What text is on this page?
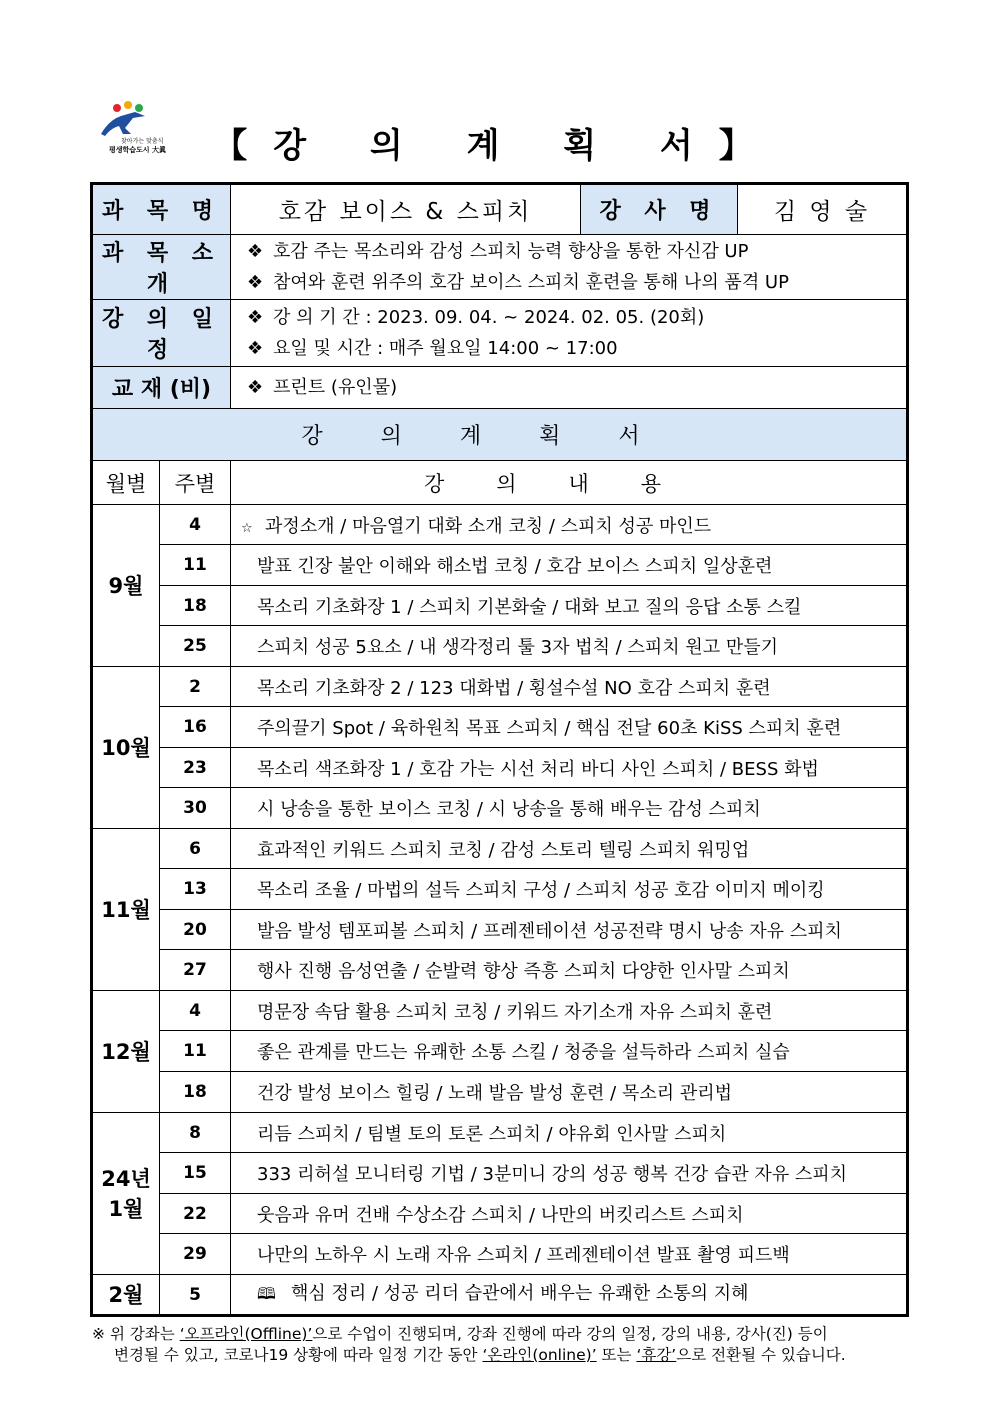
찾아가는 맞춤식
평생학습도시 大眞	【강 의 계 획 서】
과 목 명		호감 보이스 & 스피치	강 사 명	김 영 술
과 목 소 개		❖ 호감 주는 목소리와 감성 스피치 능력 향상을 통한 자신감 UP
❖ 참여와 훈련 위주의 호감 보이스 스피치 훈련을 통해 나의 품격 UP		

강 의 일 정		❖ 강 의 기 간 : 2023. 09. 04. ~ 2024. 02. 05. (20회)
❖ 요일 및 시간 : 매주 월요일 14:00 ~ 17:00		

교 재 (비)		❖ 프린트 (유인물)		
강의계획서				
월별	주별	강의내용		
9월	4	☆ 과정소개 / 마음열기 대화 소개 코칭 / 스피치 성공 마인드		
	11	발표 긴장 불안 이해와 해소법 코칭 / 호감 보이스 스피치 일상훈련		
	18	목소리 기초화장 1 / 스피치 기본화술 / 대화 보고 질의 응답 소통 스킬		
	25	스피치 성공 5요소 / 내 생각정리 툴 3자 법칙 / 스피치 원고 만들기		
10월	2	목소리 기초화장 2 / 123 대화법 / 횡설수설 NO 호감 스피치 훈련		
	16	주의끌기 Spot / 육하원칙 목표 스피치 / 핵심 전달 60초 KiSS 스피치 훈련		
	23	목소리 색조화장 1 / 호감 가는 시선 처리 바디 사인 스피치 / BESS 화법		
	30	시 낭송을 통한 보이스 코칭 / 시 낭송을 통해 배우는 감성 스피치		
11월	6	효과적인 키워드 스피치 코칭 / 감성 스토리 텔링 스피치 워밍업		
	13	목소리 조율 / 마법의 설득 스피치 구성 / 스피치 성공 호감 이미지 메이킹		
	20	발음 발성 템포피볼 스피치 / 프레젠테이션 성공전략 명시 낭송 자유 스피치		
	27	행사 진행 음성연출 / 순발력 향상 즉흥 스피치 다양한 인사말 스피치		
12월	4	명문장 속담 활용 스피치 코칭 / 키워드 자기소개 자유 스피치 훈련		
	11	좋은 관계를 만드는 유쾌한 소통 스킬 / 청중을 설득하라 스피치 실습		
	18	건강 발성 보이스 힐링 / 노래 발음 발성 훈련 / 목소리 관리법		

24년
1월	8	리듬 스피치 / 팀별 토의 토론 스피치 / 야유회 인사말 스피치		
	15	333 리허설 모니터링 기법 / 3분미니 강의 성공 행복 건강 습관 자유 스피치		
	22	웃음과 유머 건배 수상소감 스피치 / 나만의 버킷리스트 스피치		
	29	나만의 노하우 시 노래 자유 스피치 / 프레젠테이션 발표 촬영 피드백		
2월	5	🕮 핵심 정리 / 성공 리더 습관에서 배우는 유쾌한 소통의 지혜		
※ 위 강좌는 ‘오프라인(Offline)’으로 수업이 진행되며, 강좌 진행에 따라 강의 일정, 강의 내용, 강사(진) 등이
변경될 수 있고, 코로나19 상황에 따라 일정 기간 동안 ‘온라인(online)’ 또는 ‘휴강’으로 전환될 수 있습니다.
